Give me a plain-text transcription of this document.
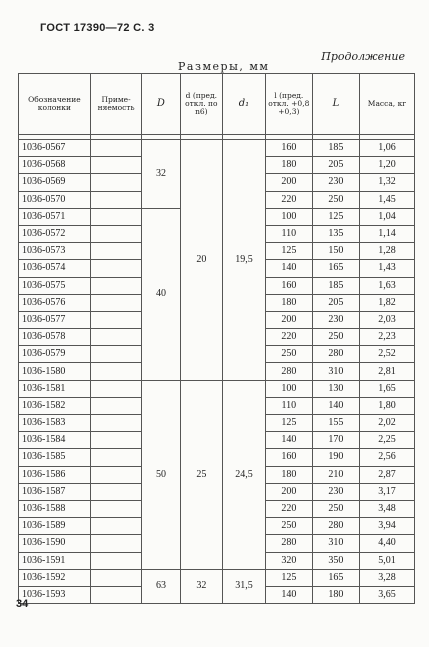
ГОСТ 17390—72 С. 3
Продолжение
Размеры, мм
Обозначение колонки	Применяемость	D	d (пред. откл. по n6)	d₁	l (пред. откл. +0,8 +0,3)	L	Масса, кг

1036-0567		32	20	19,5	160	185	1,06
1036-0568					180	205	1,20
1036-0569					200	230	1,32
1036-0570					220	250	1,45
1036-0571		40			100	125	1,04
1036-0572					110	135	1,14
1036-0573					125	150	1,28
1036-0574					140	165	1,43
1036-0575					160	185	1,63
1036-0576					180	205	1,82
1036-0577					200	230	2,03
1036-0578					220	250	2,23
1036-0579					250	280	2,52
1036-1580					280	310	2,81
1036-1581		50	25	24,5	100	130	1,65
1036-1582					110	140	1,80
1036-1583					125	155	2,02
1036-1584					140	170	2,25
1036-1585					160	190	2,56
1036-1586					180	210	2,87
1036-1587					200	230	3,17
1036-1588					220	250	3,48
1036-1589					250	280	3,94
1036-1590					280	310	4,40
1036-1591					320	350	5,01
1036-1592		63	32	31,5	125	165	3,28
1036-1593					140	180	3,65
34
